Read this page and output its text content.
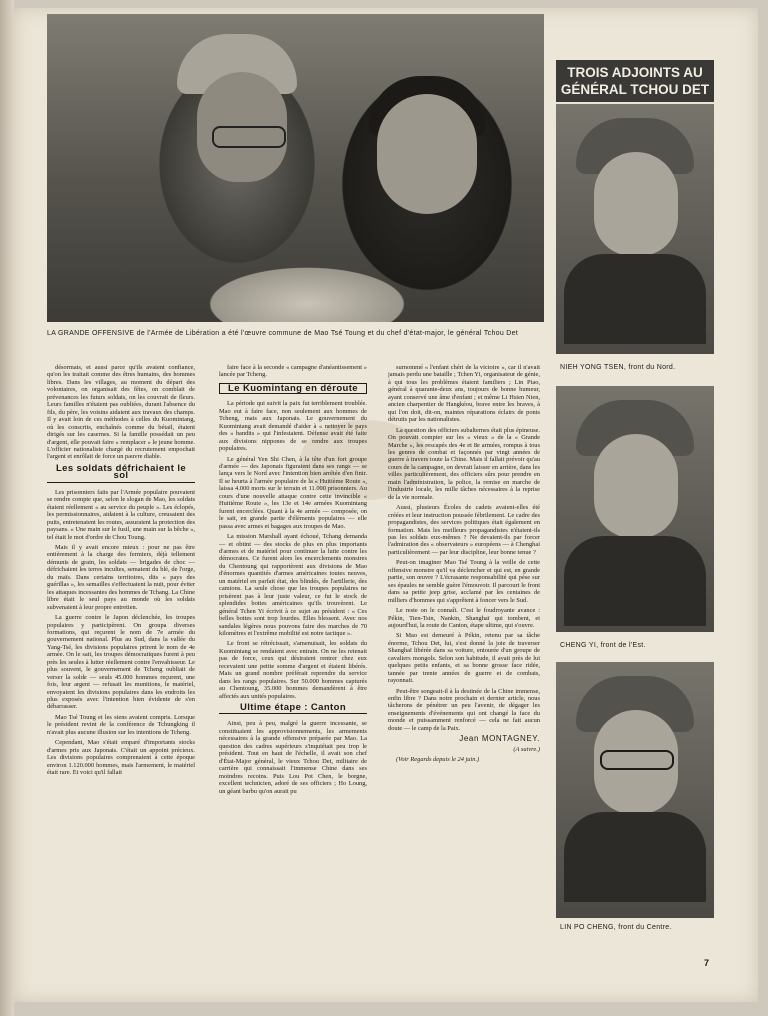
LA GRANDE OFFENSIVE de l'Armée de Libération a été l'œuvre commune de Mao Tsé Toung et du chef d'état-major, le général Tchou Det
TROIS ADJOINTS AU GÉNÉRAL TCHOU DET
NIEH YONG TSEN, front du Nord.
CHENG YI, front de l'Est.
LIN PO CHENG, front du Centre.

désormais, et aussi parce qu'ils avaient confiance, qu'on les traitait comme des êtres humains, des hommes libres. Dans les villages, au moment du départ des volontaires, on organisait des fêtes, on comblait de prévenances les futurs soldats, on les couvrait de fleurs. Leurs familles n'étaient pas oubliées, durant l'absence du fils, du père, les voisins aidaient aux travaux des champs. Il y avait loin de ces méthodes à celles du Kuomintang, où les conscrits, enchaînés comme du bétail, étaient dirigés sur les casernes. Si la famille possédait un peu d'argent, elle pouvait faire « remplacer » le jeune homme. L'officier nationaliste chargé du recrutement empochait l'argent et enrôlait de force un pauvre diable.

Les soldats défrichaient le sol

Les prisonniers faits par l'Armée populaire pouvaient se rendre compte que, selon le slogan de Mao, les soldats étaient réellement « au service du peuple ». Les éclopés, les permissionnaires, aidaient à la culture, creusaient des puits, entretenaient les routes, assuraient la protection des paysans. « Une main sur le fusil, une main sur la bêche », tel était le mot d'ordre de Chou Toung.

Mais il y avait encore mieux : pour ne pas être entièrement à la charge des fermiers, déjà tellement démunis de grain, les soldats — brigades de choc — défrichaient les terres incultes, semaient du blé, de l'orge, du maïs. Dans certains territoires, dits « pays des guérillas », les semailles s'effectuaient la nuit, pour éviter les attaques incessantes des hommes de Tchang. La Chine libre était le seul pays au monde où les soldats subvenaient à leur propre entretien.

La guerre contre le Japon déclenchée, les troupes populaires y participèrent. On groupa diverses formations, qui reçurent le nom de 7e armée du gouvernement national. Plus au Sud, dans la vallée du Yang-Tsé, les divisions populaires prirent le nom de 4e armée. On le sait, les troupes démocratiques furent à peu près les seules à lutter réellement contre l'envahisseur. Le plus souvent, le gouvernement de Tcheng oubliait de verser la solde — seuls 45.000 hommes reçurent, une fois, leur argent — refusait les munitions, le matériel, envoyaient les divisions populaires dans les endroits les plus exposés avec l'intention bien évidente de s'en débarrasser.

Mao Tsé Toung et les siens avaient compris. Lorsque le président revint de la conférence de Tchungking il n'avait plus aucune illusion sur les intentions de Tcheng.

Cependant, Mao s'était emparé d'importants stocks d'armes pris aux Japonais. C'était un appoint précieux. Les divisions populaires comprenaient à cette époque environ 1.120.000 hommes, mais l'armement, le matériel était rare. Et voici qu'il fallait

faire face à la seconde « campagne d'anéantissement » lancée par Tcheng.

Le Kuomintang en déroute

La période qui suivit la paix fut terriblement troublée. Mao eut à faire face, non seulement aux hommes de Tcheng, mais aux Japonais. Le gouvernement du Kuomintang avait demandé d'aider à « nettoyer le pays des « bandits » qui l'infestaient. Défense avait été faite aux divisions nippones de se rendre aux troupes populaires.

Le général Yen Shi Chen, à la tête d'un fort groupe d'armée — des Japonais figuraient dans ses rangs — se lança vers le Nord avec l'intention bien arrêtée d'en finir. Il se heurta à l'armée populaire de la « Huitième Route », laissa 4.000 morts sur le terrain et 11.000 prisonniers. Au cours d'une nouvelle attaque contre cette invincible « Huitième Route », les 13e et 14e armées Kuomintang furent encerclées. Quant à la 4e armée — composée, on le sait, en grande partie d'éléments populaires — elle passa avec armes et bagages aux troupes de Mao.

La mission Marshall ayant échoué, Tchang demanda — et obtint — des stocks de plus en plus importants d'armes et de matériel pour continuer la lutte contre les démocrates. Ce furent alors les encerclements monstres du Chentoung qui rapportèrent aux divisions de Mao d'énormes quantités d'armes américaines toutes neuves, un matériel en parfait état, des blindés, de l'artillerie, des camions. La seule chose que les troupes populaires ne prisèrent pas à leur juste valeur, ce fut le stock de splendides bottes américaines qu'ils trouvèrent. Le général Tchen Yi écrivit à ce sujet au président : « Ces belles bottes sont trop lourdes. Elles blessent. Avec nos sandales légères nous pouvons faire des marches de 70 kilomètres et l'extrême mobilité est notre tactique ».

Le front se rétrécissait, s'amenuisait, les soldats du Kuomintang se rendaient avec entrain. On ne les retenait pas de force, ceux qui désiraient rentrer chez eux recevaient une petite somme d'argent et étaient libérés. Mais un grand nombre préférait reprendre du service dans les rangs populaires. Sur 50.000 hommes capturés au Chentoung, 35.000 hommes demandèrent à être affectés aux unités populaires.

Ultime étape : Canton

Ainsi, peu à peu, malgré la guerre incessante, se constituaient les approvisionnements, les armements nécessaires à la grande offensive préparée par Mao. La question des cadres supérieurs s'inquiétait peu trop le président. Tout en haut de l'échelle, il avait son chef d'État-Major général, le vieux Tchou Det, militaire de carrière qui connaissait l'immense Chine dans ses moindres recoins. Puis Lou Pot Chen, le borgne, excellent technicien, adoré de ses officiers ; Ho Loung, un géant barbu qu'on aurait pu

surnommé « l'enfant chéri de la victoire », car il n'avait jamais perdu une bataille ; Tchen Yi, organisateur de génie, à qui tous les problèmes étaient familiers ; Lin Piao, général à quarante-deux ans, toujours de bonne humeur, ayant conservé une âme d'enfant ; et même Li Hsien Nien, ancien charpentier de Hangkéou, brave entre les braves, à qui l'on doit, dit-on, maintes réparations éclairs de ponts détruits par les nationalistes.

La question des officiers subalternes était plus épineuse. On pouvait compter sur les « vieux » de la « Grande Marche », les rescapés des 4e et 8e armées, rompus à tous les genres de combat et façonnés par vingt années de guerre à travers toute la Chine. Mais il fallait prévoir qu'au cours de la campagne, on devrait laisser en arrière, dans les villes particulièrement, des officiers sûrs pour prendre en main l'administration, la police, la remise en marche de l'industrie locale, les mille tâches nécessaires à la reprise de la vie normale.

Aussi, plusieurs Écoles de cadets avaient-elles été créées et leur instruction poussée fébrilement. Le cadre des propagandistes, des services politiques était également en formation. Mais les meilleurs propagandistes n'étaient-ils pas les soldats eux-mêmes ? Ne devaient-ils par forcer l'admiration des « observateurs » européens — à Chenghai particulièrement — par leur discipline, leur bonne tenue ?

Peut-on imaginer Mao Tsé Toung à la veille de cette offensive monstre qu'il va déclencher et qui est, en grande partie, son œuvre ? L'écrasante responsabilité qui pèse sur ses épaules ne semble guère l'émouvoir. Il parcourt le front dans sa petite jeep grise, acclamé par les centaines de milliers d'hommes qui s'apprêtent à foncer vers le Sud.

Le reste on le connaît. C'est le foudroyante avance : Pékin, Tien-Tsin, Nankin, Shanghaï qui tombent, et aujourd'hui, la route de Canton, étape ultime, qui s'ouvre.

Si Mao est demeuré à Pékin, retenu par sa tâche énorme, Tchou Det, lui, s'est donné la joie de traverser Shanghaï libérée dans sa voiture, entourée d'un groupe de cavaliers mongols. Selon son habitude, il avait près de lui quelques petits enfants, et sa bonne grosse face ridée, tannée par trente années de guerre et de combats, rayonnait.

Peut-être songeait-il à la destinée de la Chine immense, enfin libre ? Dans notre prochain et dernier article, nous tâcherons de pénétrer un peu l'avenir, de dégager les enseignements d'événements qui ont changé la face du monde et puissamment renforcé — cela ne fait aucun doute — le camp de la Paix.

Jean MONTAGNEY.

(A suivre.)

(Voir Regards depuis le 24 juin.)

7
